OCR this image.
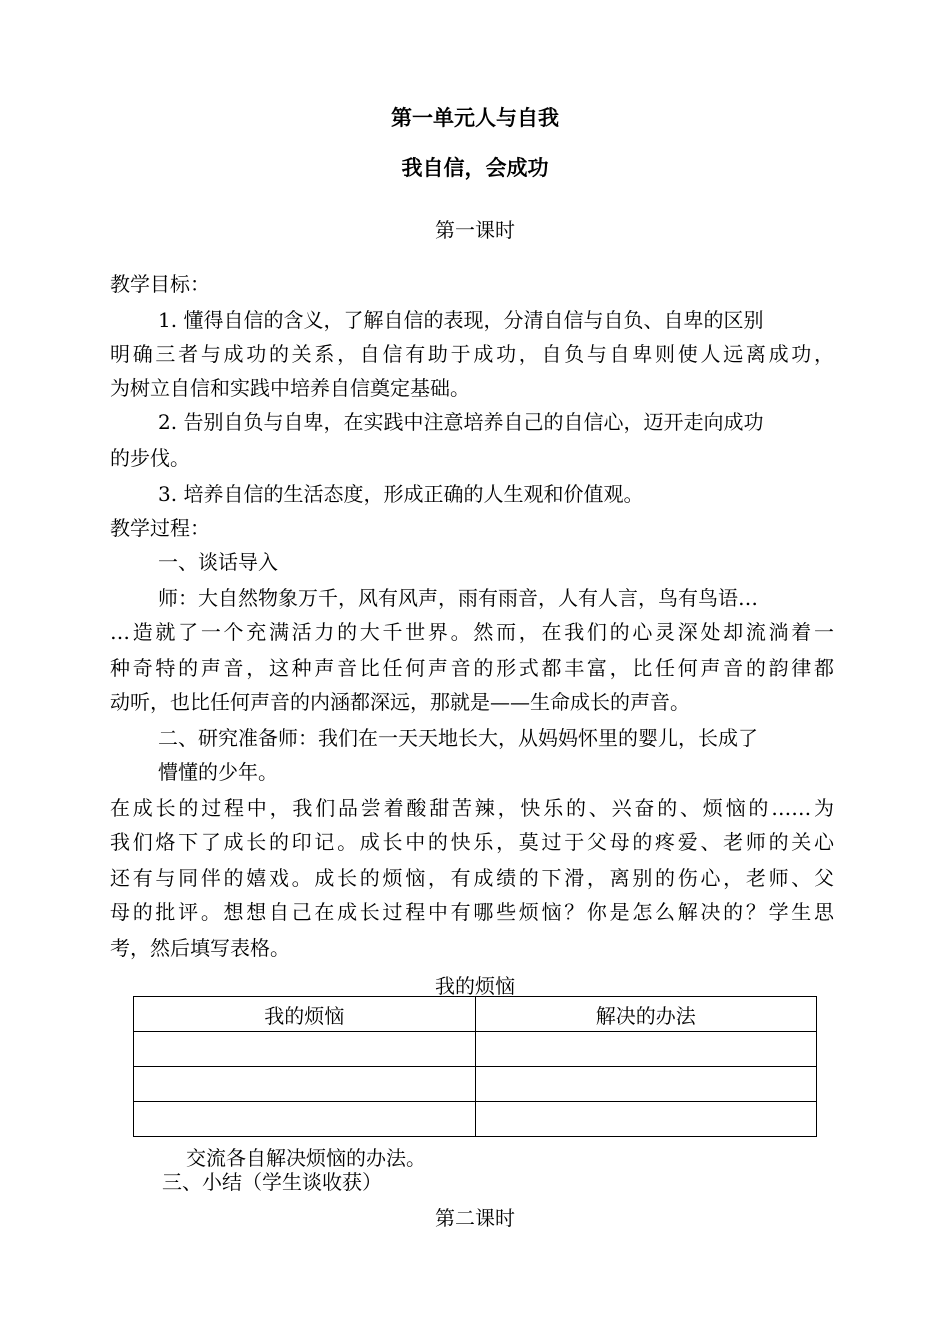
第一单元人与自我
我自信，会成功
第一课时
教学目标：
1. 懂得自信的含义，了解自信的表现，分清自信与自负、自卑的区别
明确三者与成功的关系，自信有助于成功，自负与自卑则使人远离成功，
为树立自信和实践中培养自信奠定基础。
2. 告别自负与自卑，在实践中注意培养自己的自信心，迈开走向成功
的步伐。
3. 培养自信的生活态度，形成正确的人生观和价值观。
教学过程：
一、谈话导入
师：大自然物象万千，风有风声，雨有雨音，人有人言，鸟有鸟语…
…造就了一个充满活力的大千世界。然而，在我们的心灵深处却流淌着一
种奇特的声音，这种声音比任何声音的形式都丰富，比任何声音的韵律都
动听，也比任何声音的内涵都深远，那就是——生命成长的声音。
二、研究准备师：我们在一天天地长大，从妈妈怀里的婴儿，长成了
懵懂的少年。
在成长的过程中，我们品尝着酸甜苦辣，快乐的、兴奋的、烦恼的……为
我们烙下了成长的印记。成长中的快乐，莫过于父母的疼爱、老师的关心
还有与同伴的嬉戏。成长的烦恼，有成绩的下滑，离别的伤心，老师、父
母的批评。想想自己在成长过程中有哪些烦恼？你是怎么解决的？学生思
考，然后填写表格。
我的烦恼
我的烦恼	解决的办法

交流各自解决烦恼的办法。
三、小结（学生谈收获）
第二课时
